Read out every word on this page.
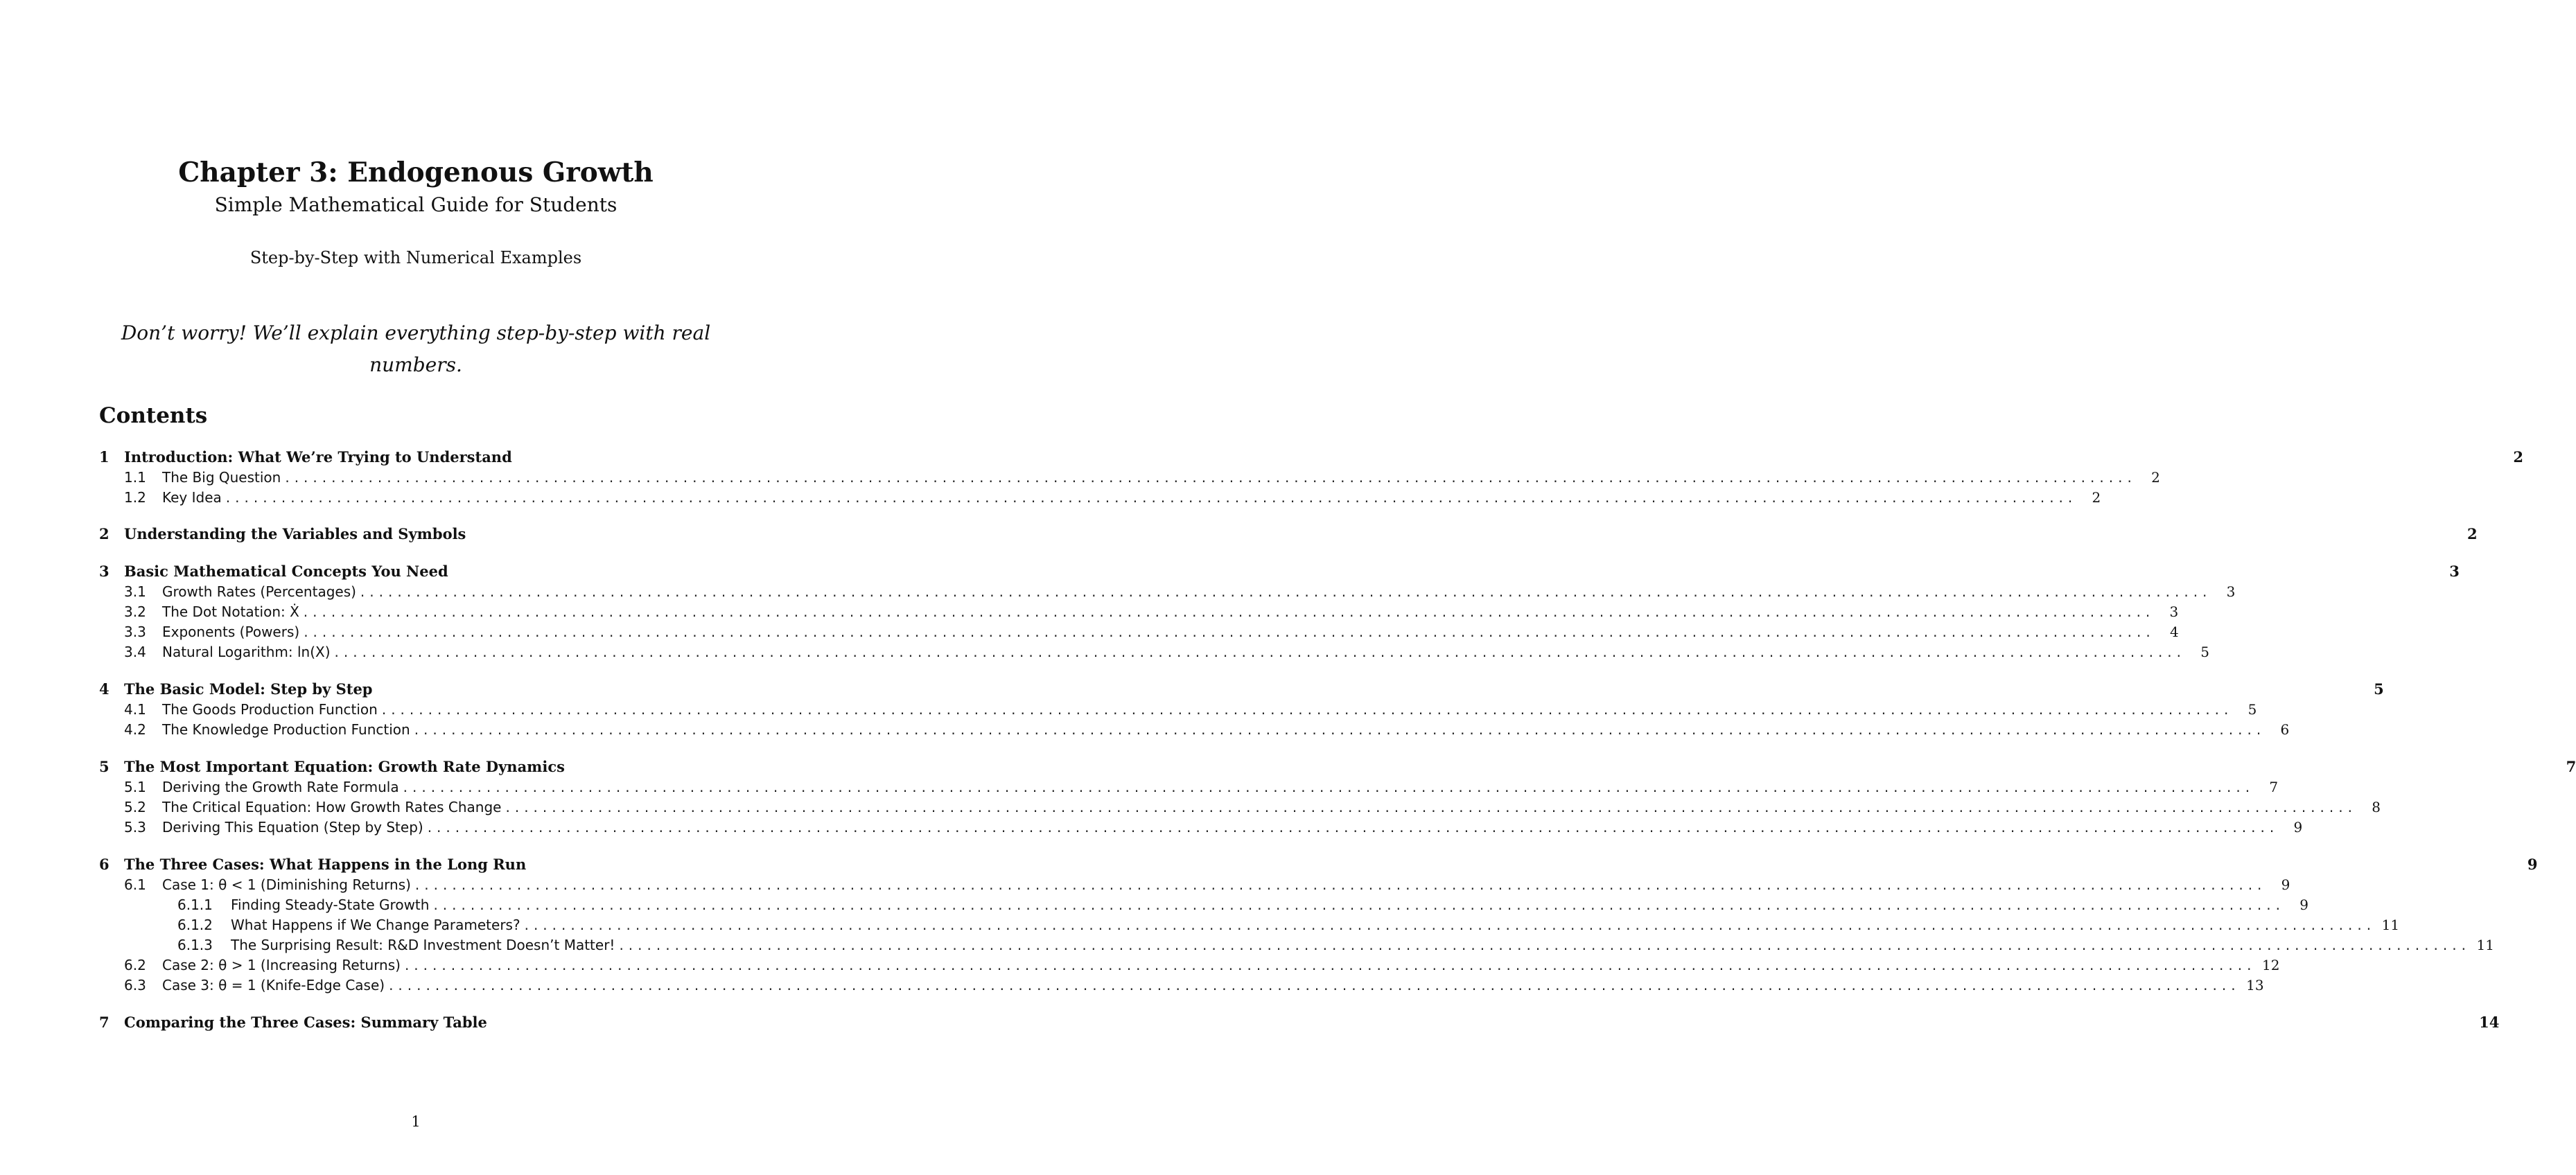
Chapter 3: Endogenous Growth
Simple Mathematical Guide for Students
Step-by-Step with Numerical Examples
Don’t worry! We’ll explain everything step-by-step with real numbers.
Contents
1	Introduction: What We’re Trying to Understand	2
1.1	The Big Question ........................................................................................................................................................................................................	2
1.2	Key Idea ........................................................................................................................................................................................................	2
2	Understanding the Variables and Symbols	2
3	Basic Mathematical Concepts You Need	3
3.1	Growth Rates (Percentages) ........................................................................................................................................................................................................	3
3.2	The Dot Notation: Ẋ ........................................................................................................................................................................................................	3
3.3	Exponents (Powers) ........................................................................................................................................................................................................	4
3.4	Natural Logarithm: ln(X) ........................................................................................................................................................................................................	5
4	The Basic Model: Step by Step	5
4.1	The Goods Production Function ........................................................................................................................................................................................................	5
4.2	The Knowledge Production Function ........................................................................................................................................................................................................	6
5	The Most Important Equation: Growth Rate Dynamics	7
5.1	Deriving the Growth Rate Formula ........................................................................................................................................................................................................	7
5.2	The Critical Equation: How Growth Rates Change ........................................................................................................................................................................................................	8
5.3	Deriving This Equation (Step by Step) ........................................................................................................................................................................................................	9
6	The Three Cases: What Happens in the Long Run	9
6.1	Case 1: θ < 1 (Diminishing Returns) ........................................................................................................................................................................................................	9
6.1.1	Finding Steady-State Growth ........................................................................................................................................................................................................	9
6.1.2	What Happens if We Change Parameters? ........................................................................................................................................................................................................ 11
6.1.3	The Surprising Result: R&D Investment Doesn’t Matter! ........................................................................................................................................................................................................ 11
6.2	Case 2: θ > 1 (Increasing Returns) ........................................................................................................................................................................................................ 12
6.3	Case 3: θ = 1 (Knife-Edge Case) ........................................................................................................................................................................................................ 13
7	Comparing the Three Cases: Summary Table	14
1
